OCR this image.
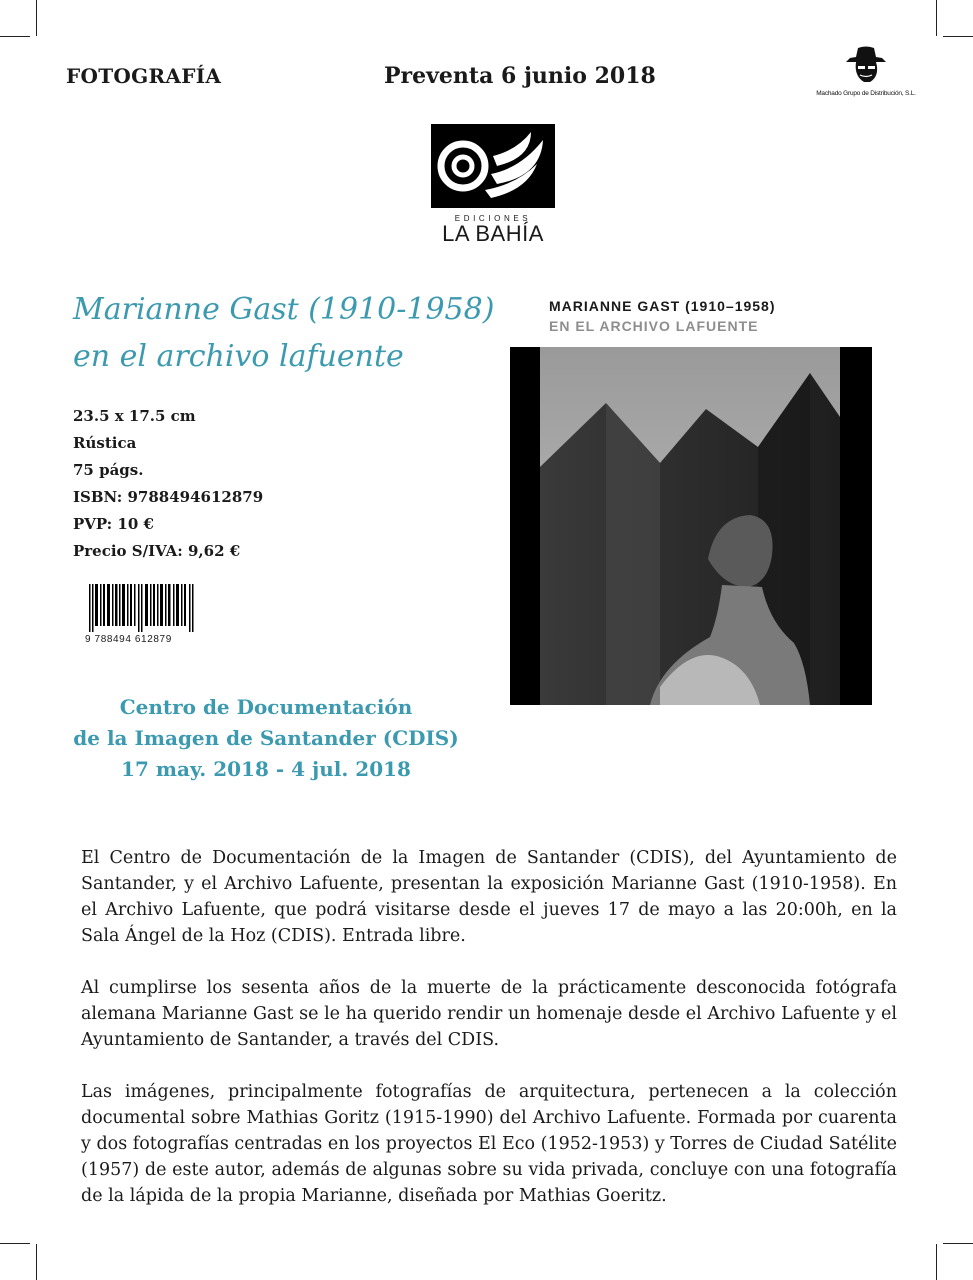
FOTOGRAFÍA	Preventa 6 junio 2018
Machado Grupo de Distribución, S.L.
EDICIONES
LA BAHÍA
Marianne Gast (1910-1958)
en el archivo lafuente
23.5 x 17.5 cm
Rústica
75 págs.
ISBN: 9788494612879
PVP: 10 €
Precio S/IVA: 9,62 €
9 788494 612879
Centro de Documentación
de la Imagen de Santander (CDIS)
17 may. 2018 - 4 jul. 2018
MARIANNE GAST (1910–1958)
EN EL ARCHIVO LAFUENTE

El Centro de Documentación de la Imagen de Santander (CDIS), del Ayuntamiento de Santander, y el Archivo Lafuente, presentan la exposición Marianne Gast (1910-1958). En el Archivo Lafuente, que podrá visitarse desde el jueves 17 de mayo a las 20:00h, en la Sala Ángel de la Hoz (CDIS). Entrada libre.

Al cumplirse los sesenta años de la muerte de la prácticamente desconocida fotógrafa alemana Marianne Gast se le ha querido rendir un homenaje desde el Archivo Lafuente y el Ayuntamiento de Santander, a través del CDIS.

Las imágenes, principalmente fotografías de arquitectura, pertenecen a la colección documental sobre Mathias Goritz (1915-1990) del Archivo Lafuente. Formada por cuarenta y dos fotografías centradas en los proyectos El Eco (1952-1953) y Torres de Ciudad Satélite (1957) de este autor, además de algunas sobre su vida privada, concluye con una fotografía de la lápida de la propia Marianne, diseñada por Mathias Goeritz.
